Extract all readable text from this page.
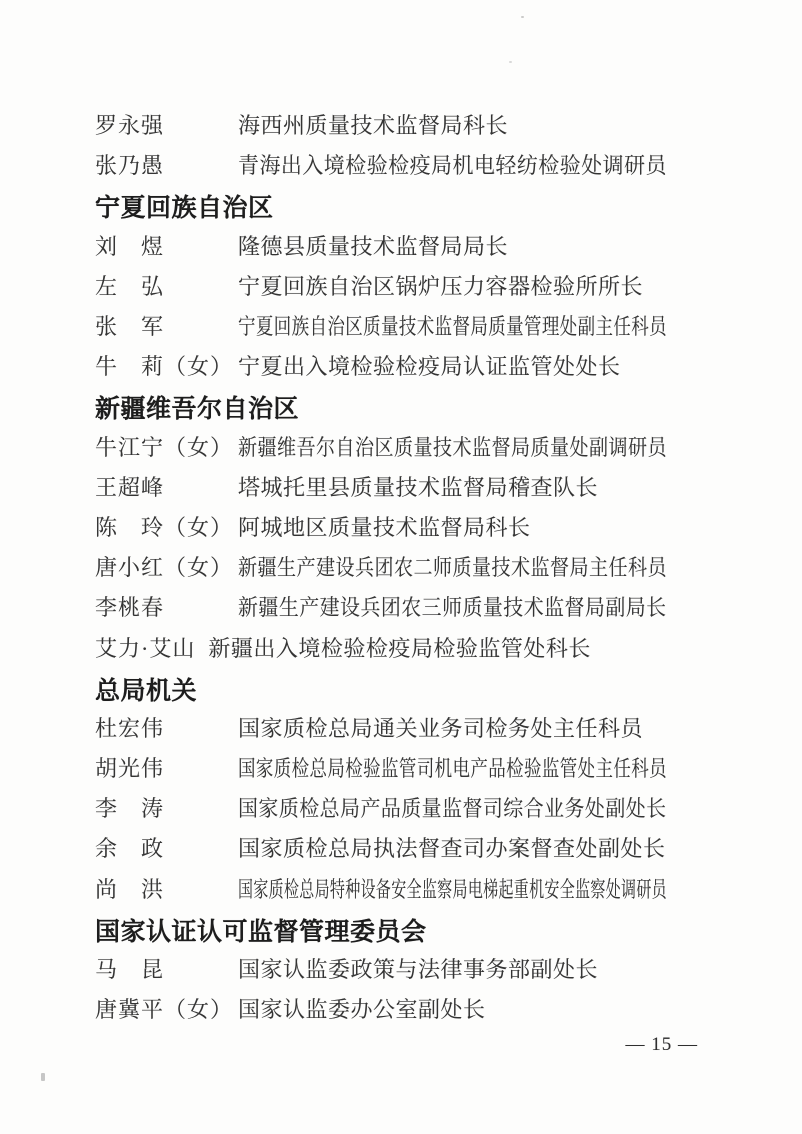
罗永强	海西州质量技术监督局科长
张乃愚	青海出入境检验检疫局机电轻纺检验处调研员
宁夏回族自治区
刘　煜	隆德县质量技术监督局局长
左　弘	宁夏回族自治区锅炉压力容器检验所所长
张　军	宁夏回族自治区质量技术监督局质量管理处副主任科员
牛　莉（女） 宁夏出入境检验检疫局认证监管处处长
新疆维吾尔自治区
牛江宁（女） 新疆维吾尔自治区质量技术监督局质量处副调研员
王超峰	塔城托里县质量技术监督局稽查队长
陈　玲（女） 阿城地区质量技术监督局科长
唐小红（女） 新疆生产建设兵团农二师质量技术监督局主任科员
李桃春	新疆生产建设兵团农三师质量技术监督局副局长
艾力·艾山 新疆出入境检验检疫局检验监管处科长
总局机关
杜宏伟	国家质检总局通关业务司检务处主任科员
胡光伟	国家质检总局检验监管司机电产品检验监管处主任科员
李　涛	国家质检总局产品质量监督司综合业务处副处长
余　政	国家质检总局执法督查司办案督查处副处长
尚　洪	国家质检总局特种设备安全监察局电梯起重机安全监察处调研员
国家认证认可监督管理委员会
马　昆	国家认监委政策与法律事务部副处长
唐冀平（女） 国家认监委办公室副处长
— 15 —
